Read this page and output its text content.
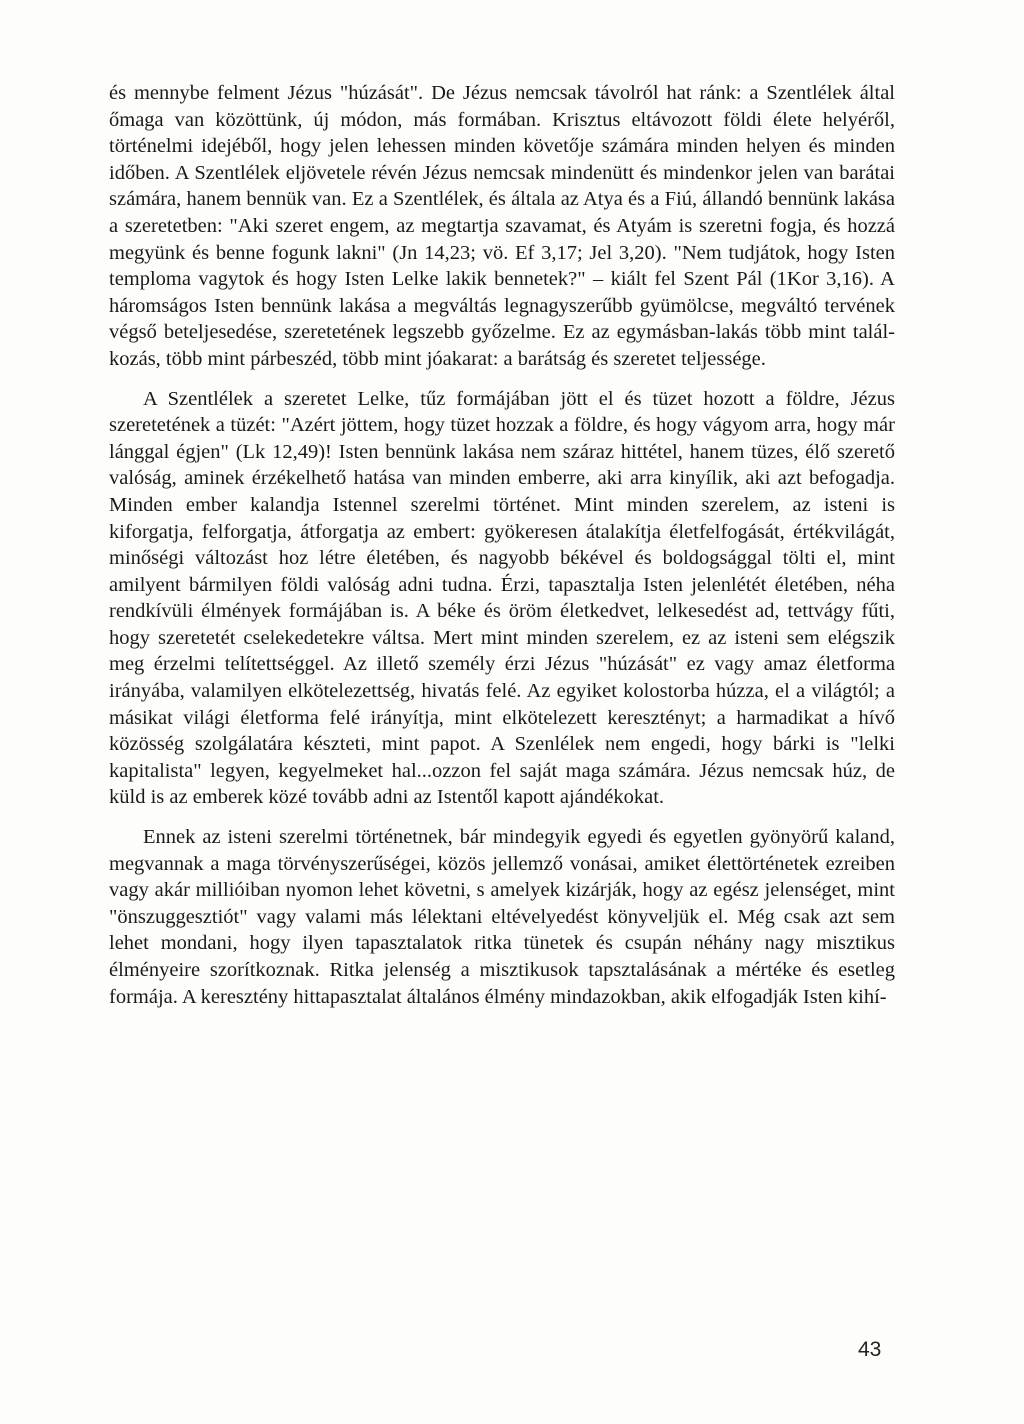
és mennybe felment Jézus "húzását". De Jézus nemcsak távolról hat ránk: a Szentlélek által őmaga van közöttünk, új módon, más formában. Krisztus eltávozott földi élete helyéről, történelmi idejéből, hogy jelen lehessen minden követője számára minden helyen és minden időben. A Szentlélek eljövetele révén Jézus nemcsak mindenütt és mindenkor jelen van barátai számára, hanem bennük van. Ez a Szentlélek, és általa az Atya és a Fiú, állandó bennünk lakása a szeretetben: "Aki szeret engem, az megtartja szavamat, és Atyám is szeretni fogja, és hozzá megyünk és benne fogunk lakni" (Jn 14,23; vö. Ef 3,17; Jel 3,20). "Nem tudjátok, hogy Isten temploma vagytok és hogy Isten Lelke lakik bennetek?" – kiált fel Szent Pál (1Kor 3,16). A háromságos Isten bennünk lakása a megváltás legnagyszerűbb gyümölcse, megváltó tervének végső beteljesedése, szeretetének legszebb győzelme. Ez az egymásban-lakás több mint találkozás, több mint párbeszéd, több mint jóakarat: a barátság és szeretet teljessége.

A Szentlélek a szeretet Lelke, tűz formájában jött el és tüzet hozott a földre, Jézus szeretetének a tüzét: "Azért jöttem, hogy tüzet hozzak a földre, és hogy vágyom arra, hogy már lánggal égjen" (Lk 12,49)! Isten bennünk lakása nem száraz hittétel, hanem tüzes, élő szerető valóság, aminek érzékelhető hatása van minden emberre, aki arra kinyílik, aki azt befogadja. Minden ember kalandja Istennel szerelmi történet. Mint minden szerelem, az isteni is kiforgatja, felforgatja, átforgatja az embert: gyökeresen átalakítja életfelfogását, értékvilágát, minőségi változást hoz létre életében, és nagyobb békével és boldogsággal tölti el, mint amilyent bármilyen földi valóság adni tudna. Érzi, tapasztalja Isten jelenlétét életében, néha rendkívüli élmények formájában is. A béke és öröm életkedvet, lelkesedést ad, tettvágy fűti, hogy szeretetét cselekedetekre váltsa. Mert mint minden szerelem, ez az isteni sem elégszik meg érzelmi telítettséggel. Az illető személy érzi Jézus "húzását" ez vagy amaz életforma irányába, valamilyen elkötelezettség, hivatás felé. Az egyiket kolostorba húzza, el a világtól; a másikat világi életforma felé irányítja, mint elkötelezett keresztényt; a harmadikat a hívő közösség szolgálatára készteti, mint papot. A Szenlélek nem engedi, hogy bárki is "lelki kapitalista" legyen, kegyelmeket hal...ozzon fel saját maga számára. Jézus nemcsak húz, de küld is az emberek közé tovább adni az Istentől kapott ajándékokat.

Ennek az isteni szerelmi történetnek, bár mindegyik egyedi és egyetlen gyönyörű kaland, megvannak a maga törvényszerűségei, közös jellemző vonásai, amiket élettörténetek ezreiben vagy akár millióiban nyomon lehet követni, s amelyek kizárják, hogy az egész jelenséget, mint "önszuggesztiót" vagy valami más lélektani eltévelyedést könyveljük el. Még csak azt sem lehet mondani, hogy ilyen tapasztalatok ritka tünetek és csupán néhány nagy misztikus élményeire szorítkoznak. Ritka jelenség a misztikusok tapsztalásának a mértéke és esetleg formája. A keresztény hittapasztalat általános élmény mindazokban, akik elfogadják Isten kihí-

43
